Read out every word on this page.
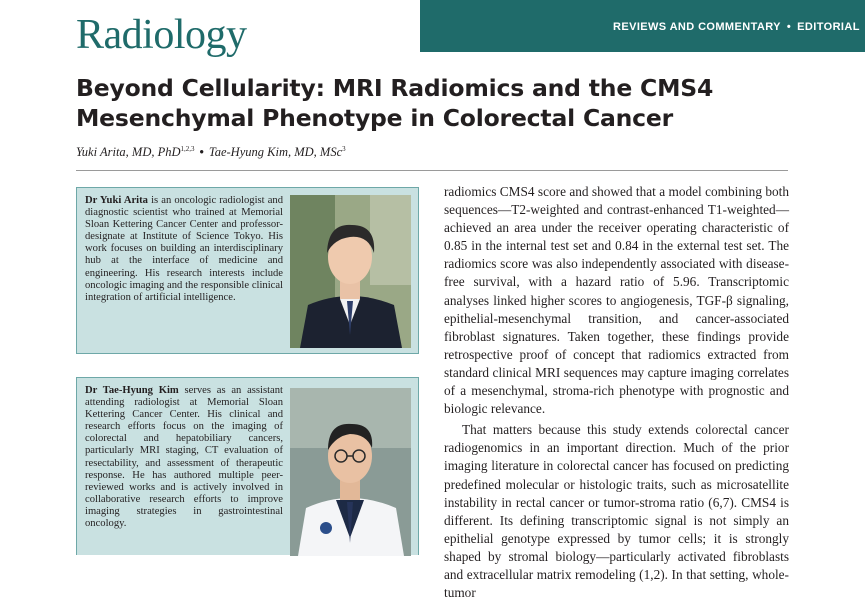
Radiology	REVIEWS AND COMMENTARY • EDITORIAL
Beyond Cellularity: MRI Radiomics and the CMS4 Mesenchymal Phenotype in Colorectal Cancer
Yuki Arita, MD, PhD$^{1,2,3}$ • Tae-Hyung Kim, MD, MSc$^3$
Dr Yuki Arita is an oncologic radiologist and diagnostic scientist who trained at Memorial Sloan Kettering Cancer Center and professor-designate at Institute of Science Tokyo. His work focuses on building an interdisciplinary hub at the interface of medicine and engineering. His research interests include oncologic imaging and the responsible clinical integration of artificial intelligence.
Dr Tae-Hyung Kim serves as an assistant attending radiologist at Memorial Sloan Kettering Cancer Center. His clinical and research efforts focus on the imaging of colorectal and hepatobiliary cancers, particularly MRI staging, CT evaluation of resectability, and assessment of therapeutic response. He has authored multiple peer-reviewed works and is actively involved in collaborative research efforts to improve imaging strategies in gastrointestinal oncology.

radiomics CMS4 score and showed that a model combining both sequences—T2-weighted and contrast-enhanced T1-weighted—achieved an area under the receiver operating characteristic of 0.85 in the internal test set and 0.84 in the external test set. The radiomics score was also independently associated with disease-free survival, with a hazard ratio of 5.96. Transcriptomic analyses linked higher scores to angiogenesis, TGF-β signaling, epithelial-mesenchymal transition, and cancer-associated fibroblast signatures. Taken together, these findings provide retrospective proof of concept that radiomics extracted from standard clinical MRI sequences may capture imaging correlates of a mesenchymal, stroma-rich phenotype with prognostic and biologic relevance.

That matters because this study extends colorectal cancer radiogenomics in an important direction. Much of the prior imaging literature in colorectal cancer has focused on predicting predefined molecular or histologic traits, such as microsatellite instability in rectal cancer or tumor-stroma ratio (6,7). CMS4 is different. Its defining transcriptomic signal is not simply an epithelial genotype expressed by tumor cells; it is strongly shaped by stromal biology—particularly activated fibroblasts and extracellular matrix remodeling (1,2). In that setting, whole-tumor
